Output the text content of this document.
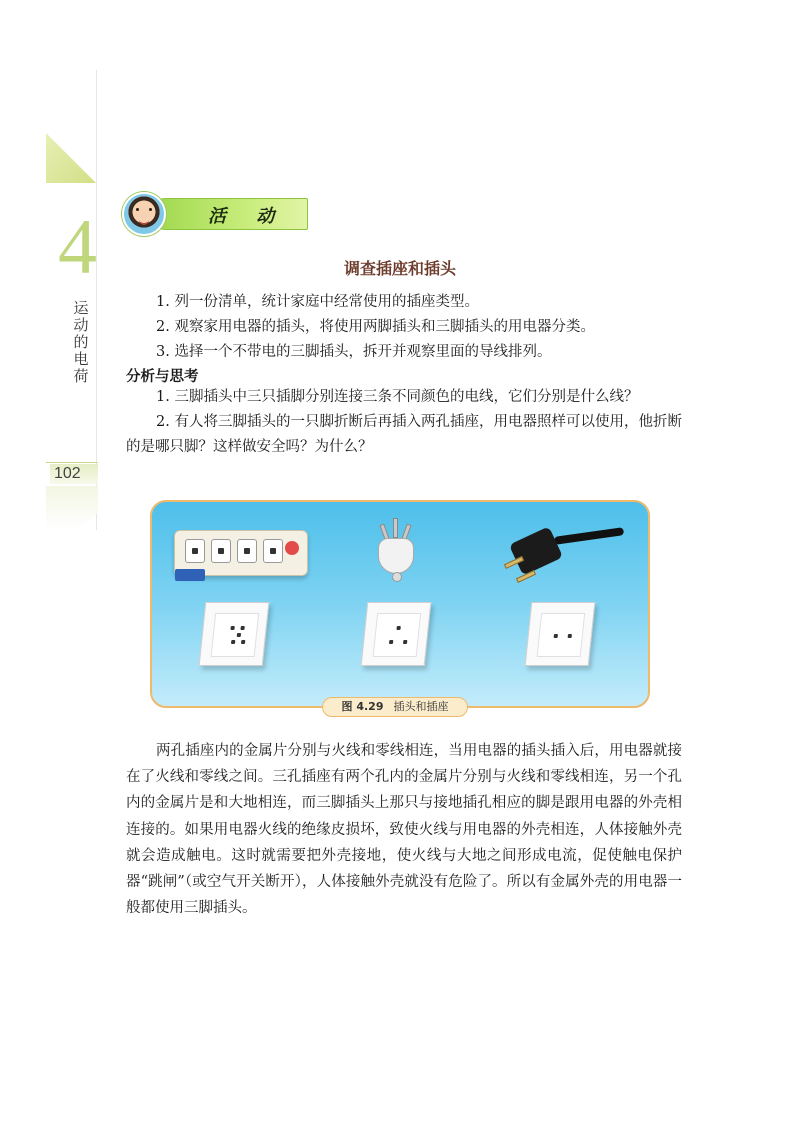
4
运
动
的
电
荷
102
活 动
调查插座和插头

1. 列一份清单，统计家庭中经常使用的插座类型。

2. 观察家用电器的插头，将使用两脚插头和三脚插头的用电器分类。

3. 选择一个不带电的三脚插头，拆开并观察里面的导线排列。

分析与思考

1. 三脚插头中三只插脚分别连接三条不同颜色的电线，它们分别是什么线？

2. 有人将三脚插头的一只脚折断后再插入两孔插座，用电器照样可以使用，他折断的是哪只脚？这样做安全吗？为什么？

图 4.29 插头和插座

两孔插座内的金属片分别与火线和零线相连，当用电器的插头插入后，用电器就接在了火线和零线之间。三孔插座有两个孔内的金属片分别与火线和零线相连，另一个孔内的金属片是和大地相连，而三脚插头上那只与接地插孔相应的脚是跟用电器的外壳相连接的。如果用电器火线的绝缘皮损坏，致使火线与用电器的外壳相连，人体接触外壳就会造成触电。这时就需要把外壳接地，使火线与大地之间形成电流，促使触电保护器“跳闸”（或空气开关断开），人体接触外壳就没有危险了。所以有金属外壳的用电器一般都使用三脚插头。
